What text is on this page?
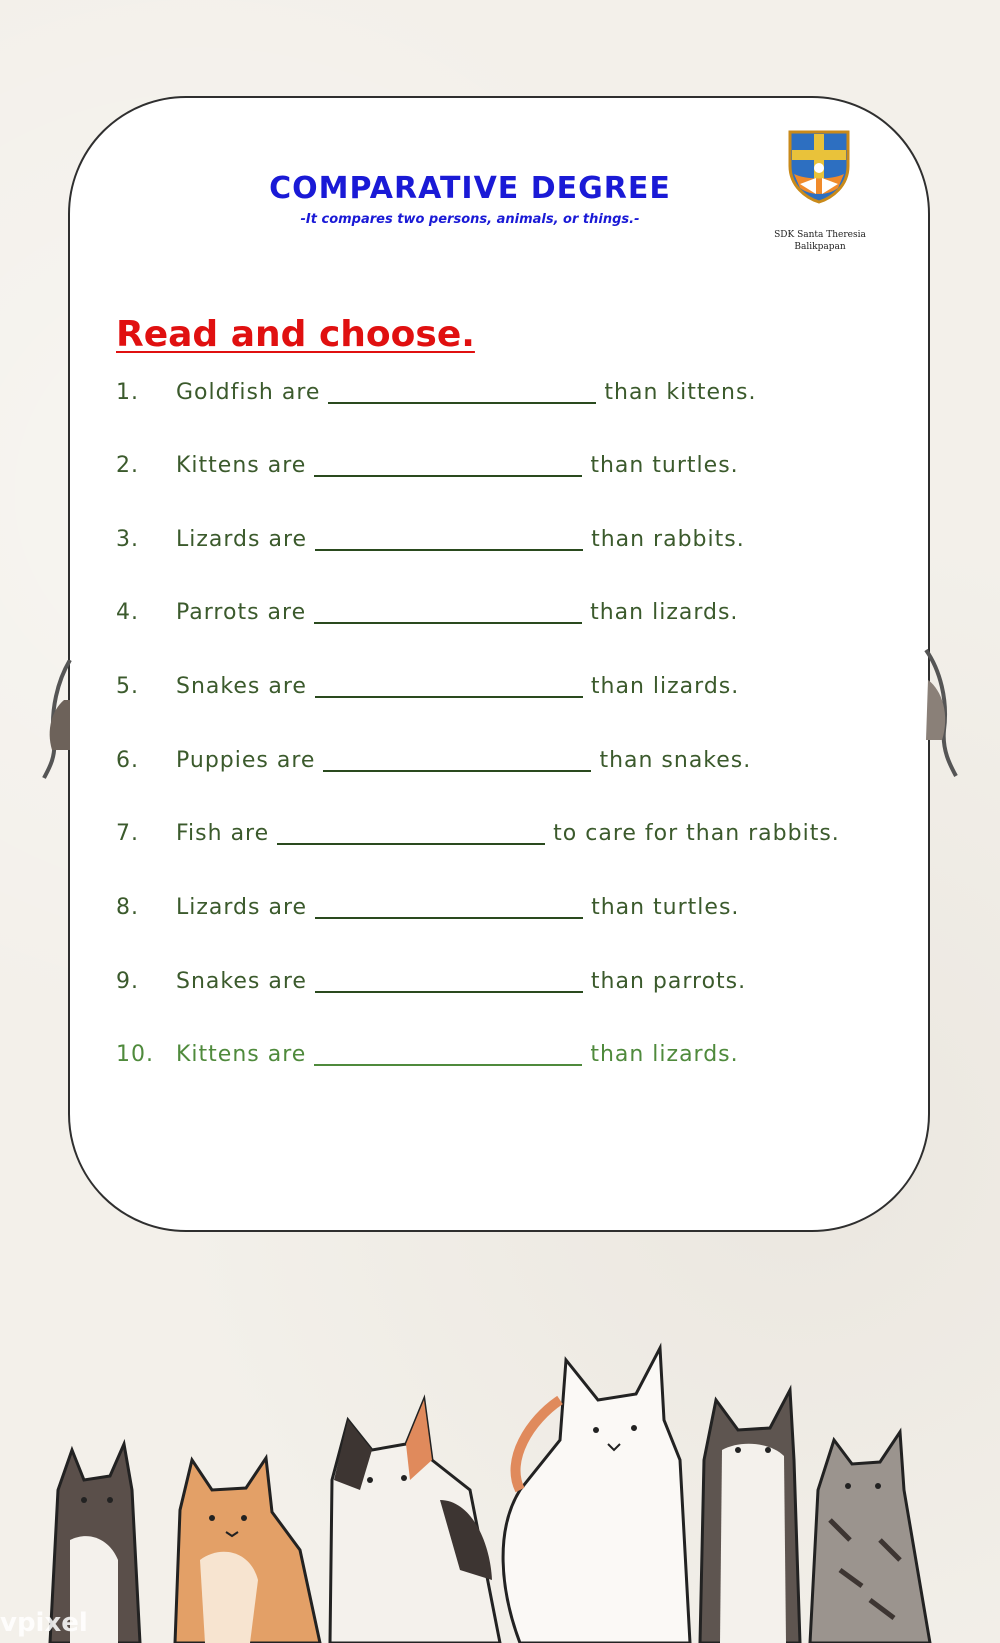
COMPARATIVE DEGREE
-It compares two persons, animals, or things.-
SDK Santa Theresia
Balikpapan
Read and choose.
1.	Goldfish are	than kittens.
2.	Kittens are	than turtles.
3.	Lizards are	than rabbits.
4.	Parrots are	than lizards.
5.	Snakes are	than lizards.
6.	Puppies are	than snakes.
7.	Fish are	to care for than rabbits.
8.	Lizards are	than turtles.
9.	Snakes are	than parrots.
10.	Kittens are	than lizards.
vpixel
